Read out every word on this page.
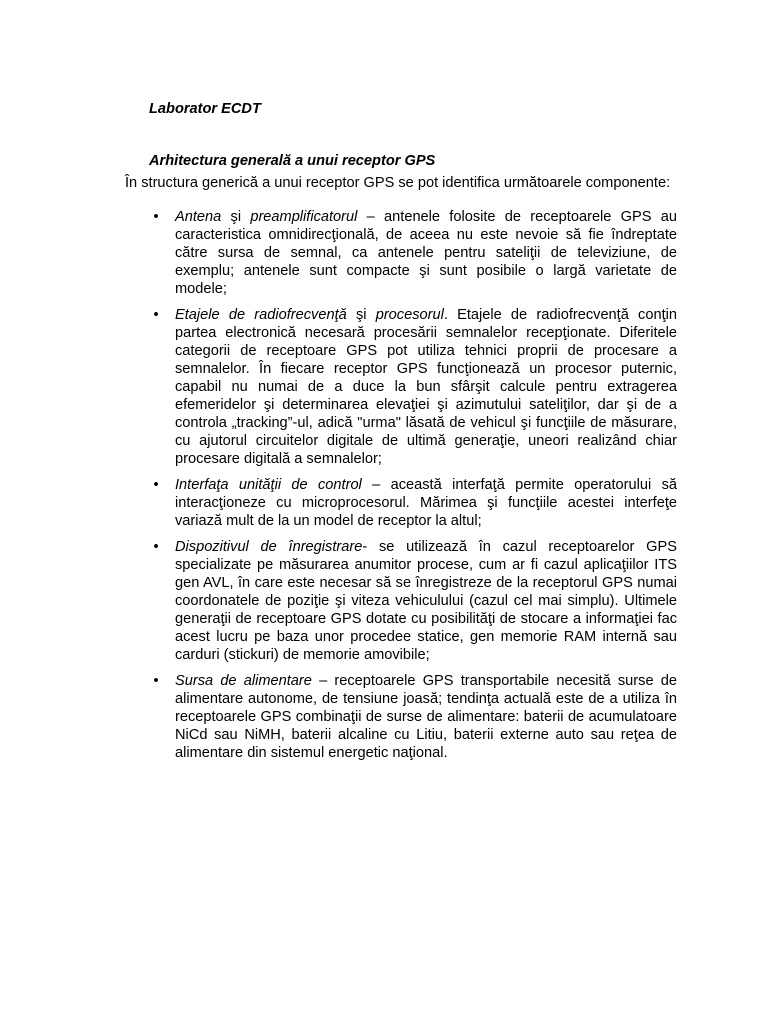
Laborator ECDT
Arhitectura generală a unui receptor GPS

În structura generică a unui receptor GPS se pot identifica următoarele componente:

• Antena şi preamplificatorul – antenele folosite de receptoarele GPS au caracteristica omnidirecţională, de aceea nu este nevoie să fie îndreptate către sursa de semnal, ca antenele pentru sateliţii de televiziune, de exemplu; antenele sunt compacte şi sunt posibile o largă varietate de modele;
• Etajele de radiofrecvenţă şi procesorul. Etajele de radiofrecvenţă conţin partea electronică necesară procesării semnalelor recepţionate. Diferitele categorii de receptoare GPS pot utiliza tehnici proprii de procesare a semnalelor. În fiecare receptor GPS funcţionează un procesor puternic, capabil nu numai de a duce la bun sfârşit calcule pentru extragerea efemeridelor şi determinarea elevaţiei şi azimutului sateliţilor, dar şi de a controla „tracking”-ul, adică "urma" lăsată de vehicul şi funcţiile de măsurare, cu ajutorul circuitelor digitale de ultimă generaţie, uneori realizând chiar procesare digitală a semnalelor;
• Interfaţa unităţii de control – această interfaţă permite operatorului să interacţioneze cu microprocesorul. Mărimea şi funcţiile acestei interfeţe variază mult de la un model de receptor la altul;
• Dispozitivul de înregistrare- se utilizează în cazul receptoarelor GPS specializate pe măsurarea anumitor procese, cum ar fi cazul aplicaţiilor ITS gen AVL, în care este necesar să se înregistreze de la receptorul GPS numai coordonatele de poziţie şi viteza vehiculului (cazul cel mai simplu). Ultimele generaţii de receptoare GPS dotate cu posibilităţi de stocare a informaţiei fac acest lucru pe baza unor procedee statice, gen memorie RAM internă sau carduri (stickuri) de memorie amovibile;
• Sursa de alimentare – receptoarele GPS transportabile necesită surse de alimentare autonome, de tensiune joasă; tendinţa actuală este de a utiliza în receptoarele GPS combinaţii de surse de alimentare: baterii de acumulatoare NiCd sau NiMH, baterii alcaline cu Litiu, baterii externe auto sau reţea de alimentare din sistemul energetic naţional.
